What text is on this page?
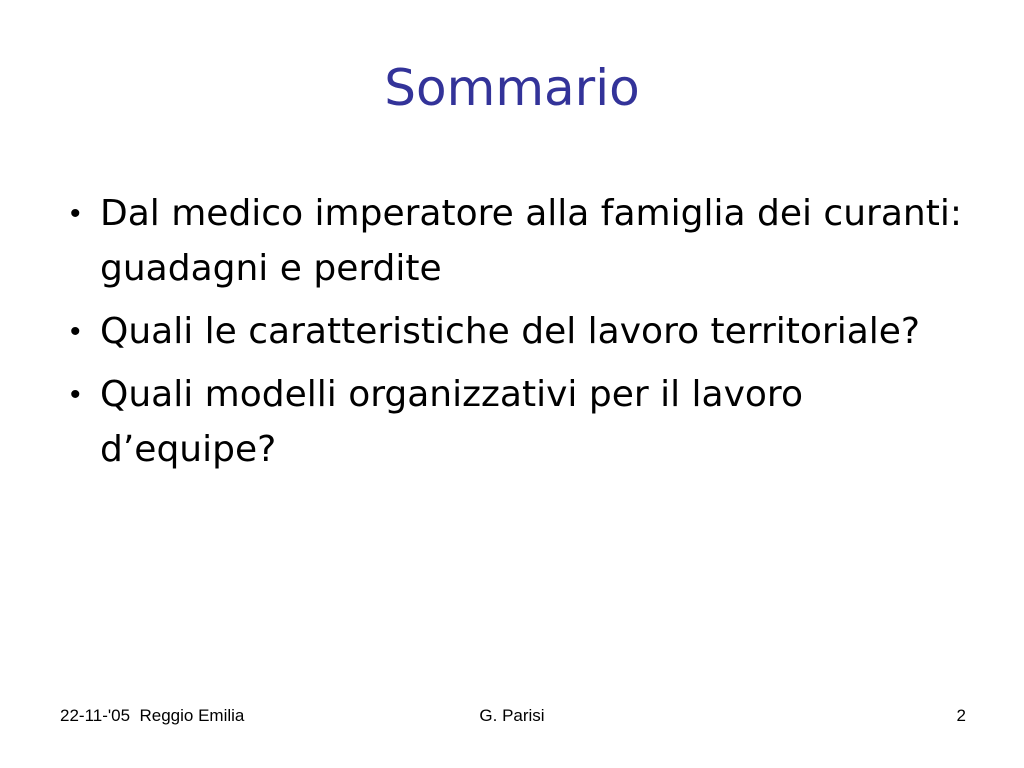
Sommario
• Dal medico imperatore alla famiglia dei curanti: guadagni e perdite
• Quali le caratteristiche del lavoro territoriale?
• Quali modelli organizzativi per il lavoro d’equipe?
22-11-'05  Reggio Emilia	G. Parisi	2
